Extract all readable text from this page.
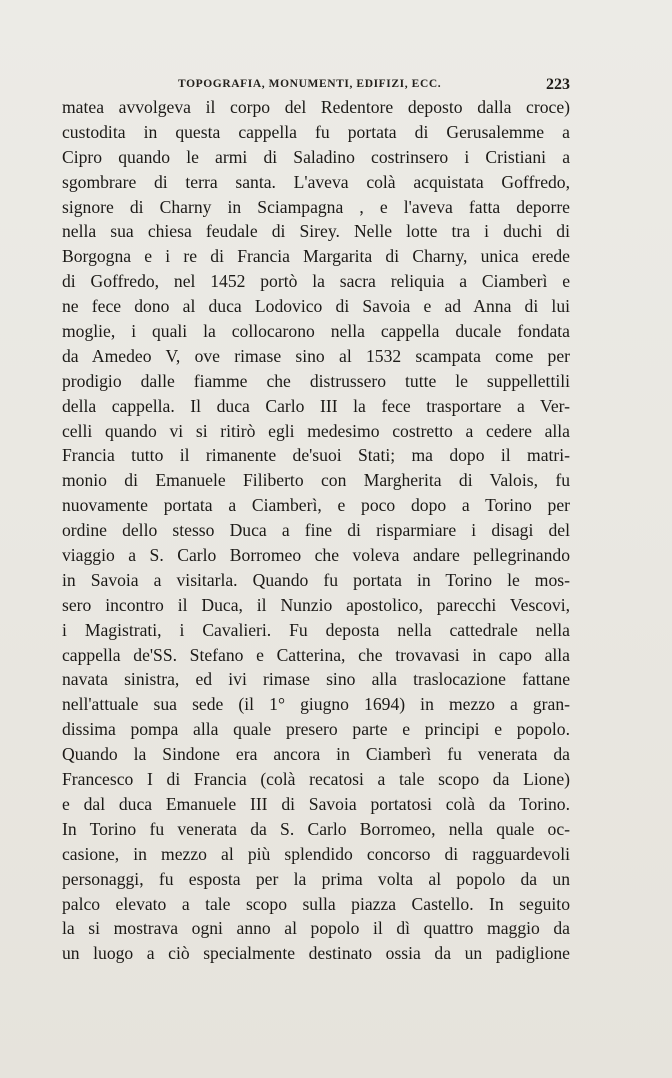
TOPOGRAFIA, MONUMENTI, EDIFIZI, ECC.	223
matea avvolgeva il corpo del Redentore deposto dalla croce)
custodita in questa cappella fu portata di Gerusalemme a
Cipro quando le armi di Saladino costrinsero i Cristiani a
sgombrare di terra santa. L'aveva colà acquistata Goffredo,
signore di Charny in Sciampagna , e l'aveva fatta deporre
nella sua chiesa feudale di Sirey. Nelle lotte tra i duchi di
Borgogna e i re di Francia Margarita di Charny, unica erede
di Goffredo, nel 1452 portò la sacra reliquia a Ciamberì e
ne fece dono al duca Lodovico di Savoia e ad Anna di lui
moglie, i quali la collocarono nella cappella ducale fondata
da Amedeo V, ove rimase sino al 1532 scampata come per
prodigio dalle fiamme che distrussero tutte le suppellettili
della cappella. Il duca Carlo III la fece trasportare a Ver-
celli quando vi si ritirò egli medesimo costretto a cedere alla
Francia tutto il rimanente de'suoi Stati; ma dopo il matri-
monio di Emanuele Filiberto con Margherita di Valois, fu
nuovamente portata a Ciamberì, e poco dopo a Torino per
ordine dello stesso Duca a fine di risparmiare i disagi del
viaggio a S. Carlo Borromeo che voleva andare pellegrinando
in Savoia a visitarla. Quando fu portata in Torino le mos-
sero incontro il Duca, il Nunzio apostolico, parecchi Vescovi,
i Magistrati, i Cavalieri. Fu deposta nella cattedrale nella
cappella de'SS. Stefano e Catterina, che trovavasi in capo alla
navata sinistra, ed ivi rimase sino alla traslocazione fattane
nell'attuale sua sede (il 1° giugno 1694) in mezzo a gran-
dissima pompa alla quale presero parte e principi e popolo.
Quando la Sindone era ancora in Ciamberì fu venerata da
Francesco I di Francia (colà recatosi a tale scopo da Lione)
e dal duca Emanuele III di Savoia portatosi colà da Torino.
In Torino fu venerata da S. Carlo Borromeo, nella quale oc-
casione, in mezzo al più splendido concorso di ragguardevoli
personaggi, fu esposta per la prima volta al popolo da un
palco elevato a tale scopo sulla piazza Castello. In seguito
la si mostrava ogni anno al popolo il dì quattro maggio da
un luogo a ciò specialmente destinato ossia da un padiglione
